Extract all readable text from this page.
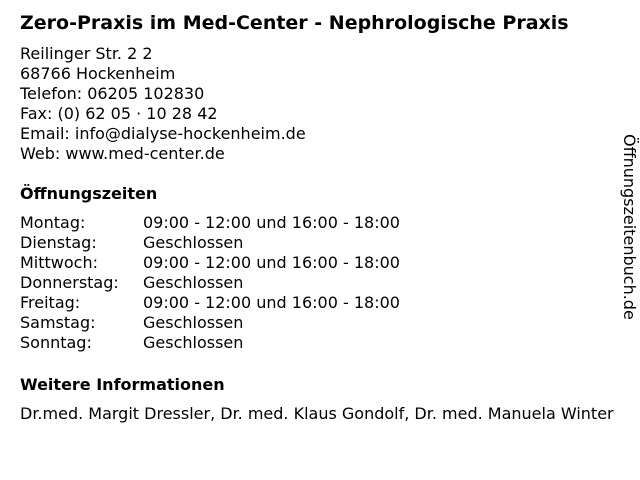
Zero-Praxis im Med-Center - Nephrologische Praxis
Reilinger Str. 2 2
68766 Hockenheim
Telefon: 06205 102830
Fax: (0) 62 05 · 10 28 42
Email: info@dialyse-hockenheim.de
Web: www.med-center.de
Öffnungszeiten
Montag:	09:00 - 12:00 und 16:00 - 18:00
Dienstag:	Geschlossen
Mittwoch:	09:00 - 12:00 und 16:00 - 18:00
Donnerstag: Geschlossen
Freitag:	09:00 - 12:00 und 16:00 - 18:00
Samstag:	Geschlossen
Sonntag:	Geschlossen
Weitere Informationen
Dr.med. Margit Dressler, Dr. med. Klaus Gondolf, Dr. med. Manuela Winter
Öffnungszeitenbuch.de
